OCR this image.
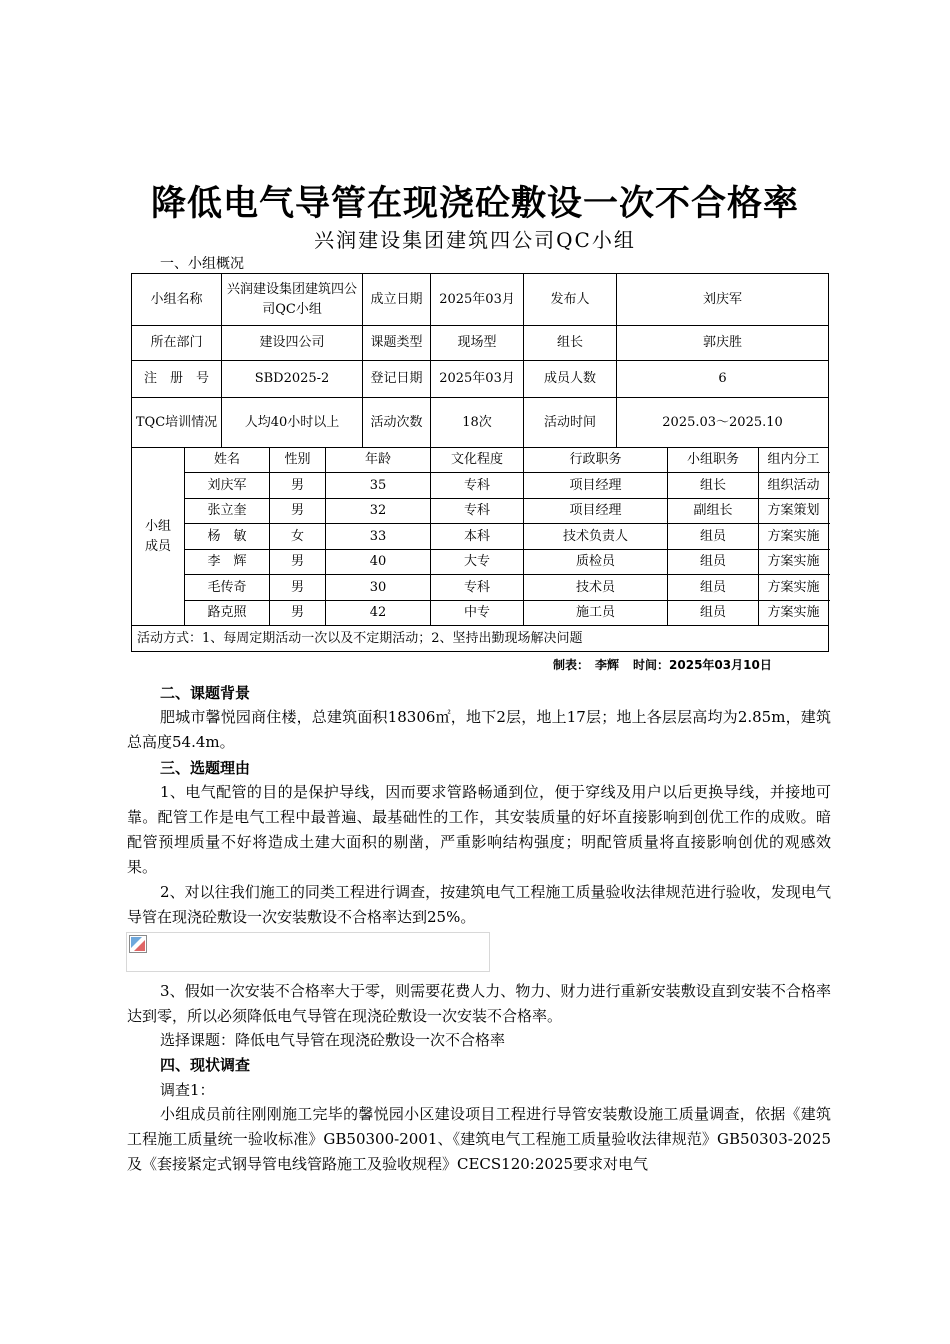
降低电气导管在现浇砼敷设一次不合格率
兴润建设集团建筑四公司QC小组
一、小组概况
小组名称		兴润建设集团建筑四公司QC小组			成立日期	2025年03月	发布人	刘庆军		
所在部门		建设四公司			课题类型	现场型	组长	郭庆胜		
注　册　号		SBD2025-2			登记日期	2025年03月	成员人数	6		
TQC培训情况		人均40小时以上			活动次数	18次	活动时间	2025.03～2025.10		
小组成员	姓名		性别	年龄		文化程度	行政职务		小组职务	组内分工
	刘庆军		男	35		专科	项目经理		组长	组织活动
	张立奎		男	32		专科	项目经理		副组长	方案策划
	杨　敏		女	33		本科	技术负责人		组员	方案实施
	李　辉		男	40		大专	质检员		组员	方案实施
	毛传奇		男	30		专科	技术员		组员	方案实施
	路克照		男	42		中专	施工员		组员	方案实施
活动方式：1、每周定期活动一次以及不定期活动；2、坚持出勤现场解决问题										
制表：　李辉 时间：2025年03月10日
二、课题背景
肥城市馨悦园商住楼，总建筑面积18306㎡，地下2层，地上17层；地上各层层高均为2.85m，建筑总高度54.4m。
三、选题理由
1、电气配管的目的是保护导线，因而要求管路畅通到位，便于穿线及用户以后更换导线，并接地可靠。配管工作是电气工程中最普遍、最基础性的工作，其安装质量的好坏直接影响到创优工作的成败。暗配管预埋质量不好将造成土建大面积的剔凿，严重影响结构强度；明配管质量将直接影响创优的观感效果。
2、对以往我们施工的同类工程进行调查，按建筑电气工程施工质量验收法律规范进行验收，发现电气导管在现浇砼敷设一次安装敷设不合格率达到25%。
3、假如一次安装不合格率大于零，则需要花费人力、物力、财力进行重新安装敷设直到安装不合格率达到零，所以必须降低电气导管在现浇砼敷设一次安装不合格率。
选择课题：降低电气导管在现浇砼敷设一次不合格率
四、现状调查
调查1：
小组成员前往刚刚施工完毕的馨悦园小区建设项目工程进行导管安装敷设施工质量调查，依据《建筑工程施工质量统一验收标准》GB50300-2001、《建筑电气工程施工质量验收法律规范》GB50303-2025及《套接紧定式钢导管电线管路施工及验收规程》CECS120:2025要求对电气
